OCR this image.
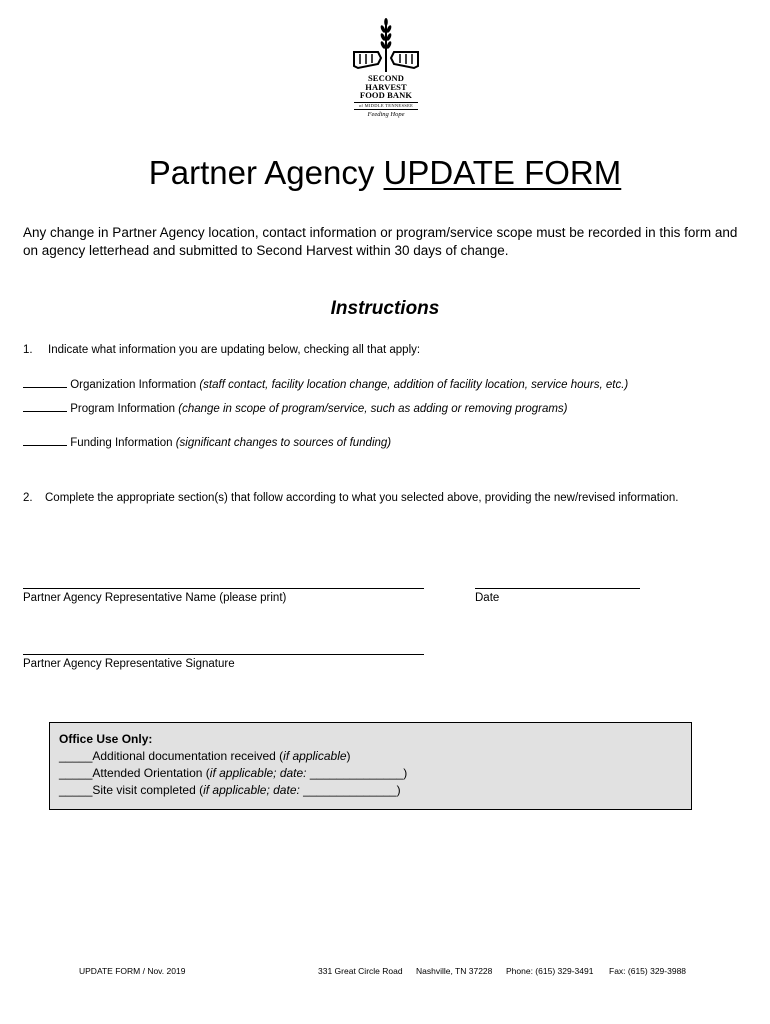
SECOND HARVEST
FOOD BANK
of MIDDLE TENNESSEE
Feeding Hope
Partner Agency UPDATE FORM
Any change in Partner Agency location, contact information or program/service scope must be recorded in this form and on agency letterhead and submitted to Second Harvest within 30 days of change.
Instructions
1. Indicate what information you are updating below, checking all that apply:
Organization Information (staff contact, facility location change, addition of facility location, service hours, etc.)
Program Information (change in scope of program/service, such as adding or removing programs)
Funding Information (significant changes to sources of funding)
2. Complete the appropriate section(s) that follow according to what you selected above, providing the new/revised information.
Partner Agency Representative Name (please print)	Date
Partner Agency Representative Signature
Office Use Only:
_____Additional documentation received (if applicable)
_____Attended Orientation (if applicable; date: ______________)
_____Site visit completed (if applicable; date: ______________)
UPDATE FORM / Nov. 2019	331 Great Circle Road Nashville, TN 37228 Phone: (615) 329-3491 Fax: (615) 329-3988
